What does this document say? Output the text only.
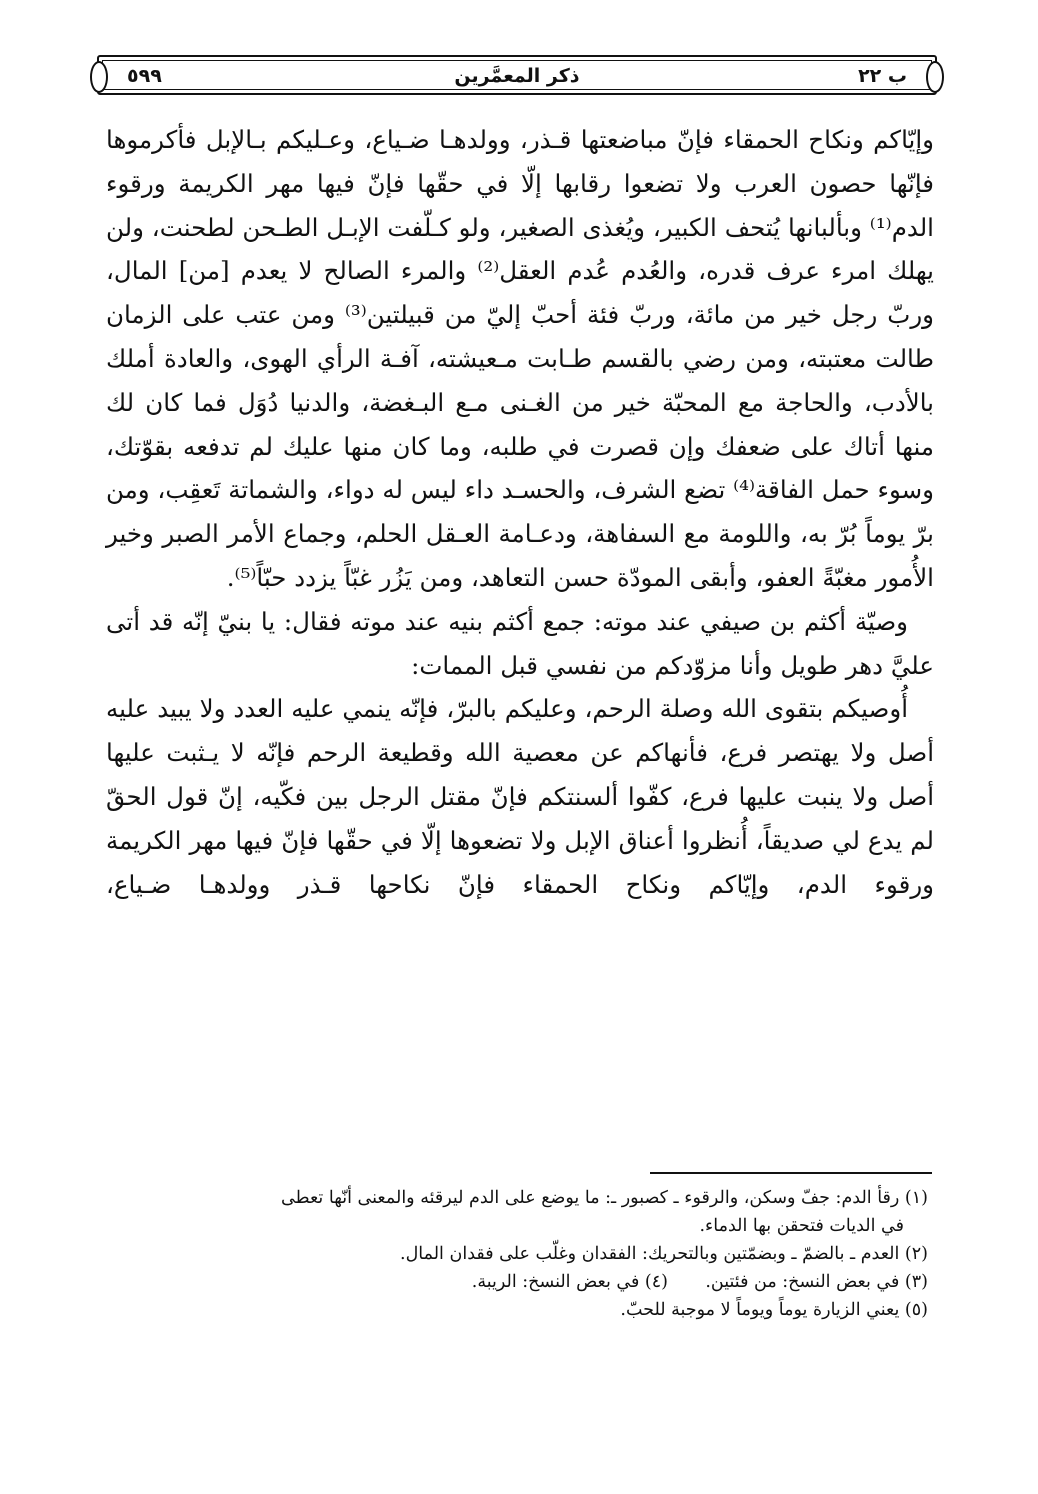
ب ٢٢
ذكر المعمَّرين
٥٩٩

وإيّاكم ونكاح الحمقاء فإنّ مباضعتها قـذر، وولدهـا ضـياع، وعـليكم بـالإبل فأكرموها فإنّها حصون العرب ولا تضعوا رقابها إلّا في حقّها فإنّ فيها مهر الكريمة ورقوء الدم⁽¹⁾ وبألبانها يُتحف الكبير، ويُغذى الصغير، ولو كـلّفت الإبـل الطـحن لطحنت، ولن يهلك امرء عرف قدره، والعُدم عُدم العقل⁽²⁾ والمرء الصالح لا يعدم [من] المال، وربّ رجل خير من مائة، وربّ فئة أحبّ إليّ من قبيلتين⁽³⁾ ومن عتب على الزمان طالت معتبته، ومن رضي بالقسم طـابت مـعيشته، آفـة الرأي الهوى، والعادة أملك بالأدب، والحاجة مع المحبّة خير من الغـنى مـع البـغضة، والدنيا دُوَل فما كان لك منها أتاك على ضعفك وإن قصرت في طلبه، وما كان منها عليك لم تدفعه بقوّتك، وسوء حمل الفاقة⁽⁴⁾ تضع الشرف، والحسـد داء ليس له دواء، والشماتة تَعقِب، ومن برّ يوماً بُرّ به، واللومة مع السفاهة، ودعـامة العـقل الحلم، وجماع الأمر الصبر وخير الأُمور مغبّةً العفو، وأبقى المودّة حسن التعاهد، ومن يَزُر غبّاً يزدد حبّاً⁽⁵⁾.

وصيّة أكثم بن صيفي عند موته: جمع أكثم بنيه عند موته فقال: يا بنيّ إنّه قد أتى عليَّ دهر طويل وأنا مزوّدكم من نفسي قبل الممات:

أُوصيكم بتقوى الله وصلة الرحم، وعليكم بالبرّ، فإنّه ينمي عليه العدد ولا يبيد عليه أصل ولا يهتصر فرع، فأنهاكم عن معصية الله وقطيعة الرحم فإنّه لا يـثبت عليها أصل ولا ينبت عليها فرع، كفّوا ألسنتكم فإنّ مقتل الرجل بين فكّيه، إنّ قول الحقّ لم يدع لي صديقاً، أُنظروا أعناق الإبل ولا تضعوها إلّا في حقّها فإنّ فيها مهر الكريمة ورقوء الدم، وإيّاكم ونكاح الحمقاء فإنّ نكاحها قـذر وولدهـا ضـياع،

(١) رقأ الدم: جفّ وسكن، والرقوء ـ كصبور ـ: ما يوضع على الدم ليرقئه والمعنى أنّها تعطى

في الديات فتحقن بها الدماء.

(٢) العدم ـ بالضمّ ـ وبضمّتين وبالتحريك: الفقدان وغلّب على فقدان المال.

(٣) في بعض النسخ: من فئتين.
(٤) في بعض النسخ: الريبة.

(٥) يعني الزيارة يوماً ويوماً لا موجبة للحبّ.
